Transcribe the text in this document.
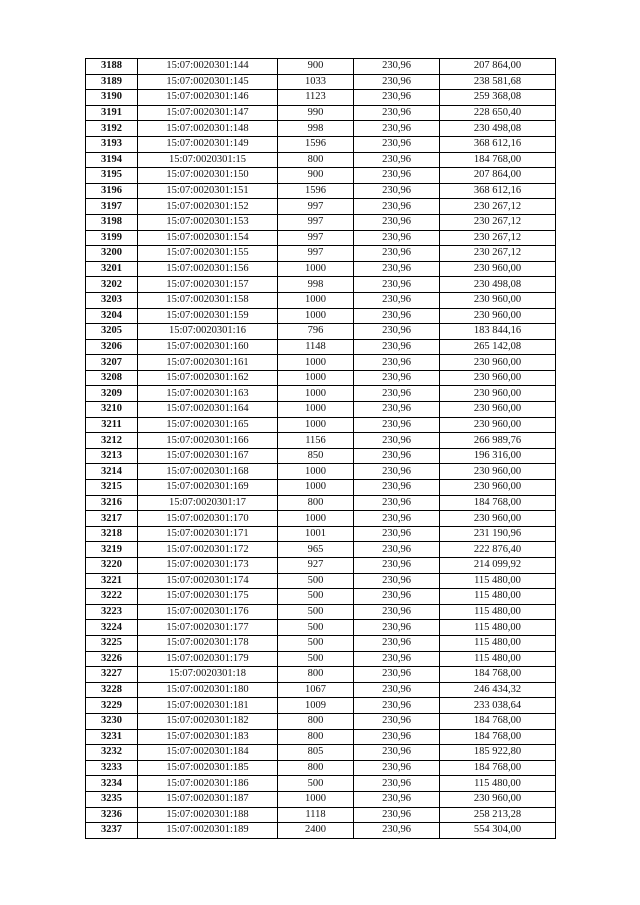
3188	15:07:0020301:144	900	230,96	207 864,00
3189	15:07:0020301:145	1033	230,96	238 581,68
3190	15:07:0020301:146	1123	230,96	259 368,08
3191	15:07:0020301:147	990	230,96	228 650,40
3192	15:07:0020301:148	998	230,96	230 498,08
3193	15:07:0020301:149	1596	230,96	368 612,16
3194	15:07:0020301:15	800	230,96	184 768,00
3195	15:07:0020301:150	900	230,96	207 864,00
3196	15:07:0020301:151	1596	230,96	368 612,16
3197	15:07:0020301:152	997	230,96	230 267,12
3198	15:07:0020301:153	997	230,96	230 267,12
3199	15:07:0020301:154	997	230,96	230 267,12
3200	15:07:0020301:155	997	230,96	230 267,12
3201	15:07:0020301:156	1000	230,96	230 960,00
3202	15:07:0020301:157	998	230,96	230 498,08
3203	15:07:0020301:158	1000	230,96	230 960,00
3204	15:07:0020301:159	1000	230,96	230 960,00
3205	15:07:0020301:16	796	230,96	183 844,16
3206	15:07:0020301:160	1148	230,96	265 142,08
3207	15:07:0020301:161	1000	230,96	230 960,00
3208	15:07:0020301:162	1000	230,96	230 960,00
3209	15:07:0020301:163	1000	230,96	230 960,00
3210	15:07:0020301:164	1000	230,96	230 960,00
3211	15:07:0020301:165	1000	230,96	230 960,00
3212	15:07:0020301:166	1156	230,96	266 989,76
3213	15:07:0020301:167	850	230,96	196 316,00
3214	15:07:0020301:168	1000	230,96	230 960,00
3215	15:07:0020301:169	1000	230,96	230 960,00
3216	15:07:0020301:17	800	230,96	184 768,00
3217	15:07:0020301:170	1000	230,96	230 960,00
3218	15:07:0020301:171	1001	230,96	231 190,96
3219	15:07:0020301:172	965	230,96	222 876,40
3220	15:07:0020301:173	927	230,96	214 099,92
3221	15:07:0020301:174	500	230,96	115 480,00
3222	15:07:0020301:175	500	230,96	115 480,00
3223	15:07:0020301:176	500	230,96	115 480,00
3224	15:07:0020301:177	500	230,96	115 480,00
3225	15:07:0020301:178	500	230,96	115 480,00
3226	15:07:0020301:179	500	230,96	115 480,00
3227	15:07:0020301:18	800	230,96	184 768,00
3228	15:07:0020301:180	1067	230,96	246 434,32
3229	15:07:0020301:181	1009	230,96	233 038,64
3230	15:07:0020301:182	800	230,96	184 768,00
3231	15:07:0020301:183	800	230,96	184 768,00
3232	15:07:0020301:184	805	230,96	185 922,80
3233	15:07:0020301:185	800	230,96	184 768,00
3234	15:07:0020301:186	500	230,96	115 480,00
3235	15:07:0020301:187	1000	230,96	230 960,00
3236	15:07:0020301:188	1118	230,96	258 213,28
3237	15:07:0020301:189	2400	230,96	554 304,00
